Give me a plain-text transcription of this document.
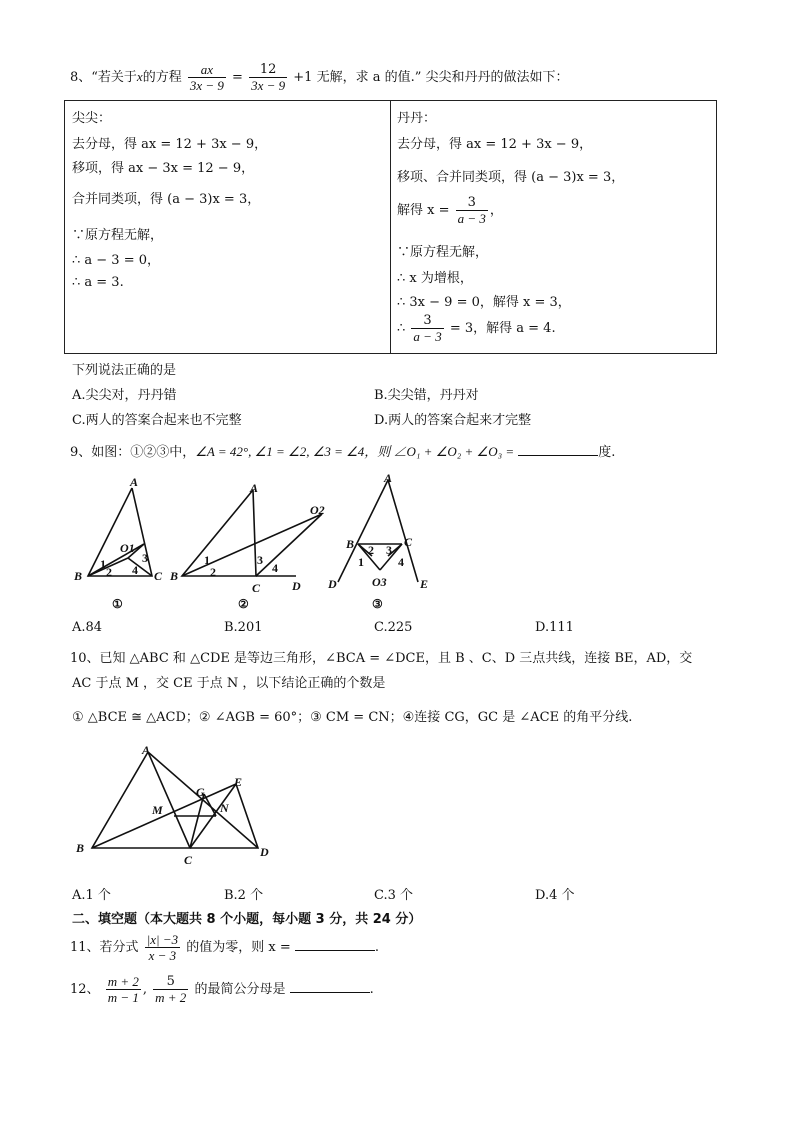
8、“若关于x的方程 $\frac{ax}{3x - 9} = \frac{12}{3x - 9} +1$ 无解，求 a 的值.” 尖尖和丹丹的做法如下：
尖尖：
去分母，得 ax = 12 + 3x − 9，
移项，得 ax − 3x = 12 − 9，
合并同类项，得 (a − 3)x = 3，
∵原方程无解，
∴ a − 3 = 0，
∴ a = 3.
丹丹：
去分母，得 ax = 12 + 3x − 9，
移项、合并同类项，得 (a − 3)x = 3，
解得 $x = \frac{3}{a - 3}$ ，
∵原方程无解，
∴ x 为增根，
∴ 3x − 9 = 0，解得 x = 3，
∴ $\frac{3}{a - 3} = 3$，解得 a = 4.
下列说法正确的是
A.尖尖对，丹丹错	B.尖尖错，丹丹对
C.两人的答案合起来也不完整	D.两人的答案合起来才完整
9、如图：①②③中，∠A = 42°, ∠1 = ∠2, ∠3 = ∠4，则 ∠O₁ + ∠O₂ + ∠O₃ =	度.
A
B	C
O1
1
2
3
4
①
A
B
C	D
O2
1
2
3
4
②
A
B	C
D	E
O3
1
2 3
4
③
A.84	B.201	C.225	D.111
10、已知 △ABC 和 △CDE 是等边三角形，∠BCA = ∠DCE，且 B 、C、D 三点共线，连接 BE，AD，交
AC 于点 M ，交 CE 于点 N ，以下结论正确的个数是
① △BCE ≅ △ACD；② ∠AGB = 60°；③ CM = CN；④连接 CG，GC 是 ∠ACE 的角平分线.
A
B
C
D
E
G
M	N
A.1 个	B.2 个	C.3 个	D.4 个
二、填空题（本大题共 8 个小题，每小题 3 分，共 24 分）
11、若分式 $\frac{|x| -3}{x - 3}$ 的值为零，则 x =	.
12、 $\frac{m + 2}{m - 1}$ , $\frac{5}{m + 2}$ 的最简公分母是	.
